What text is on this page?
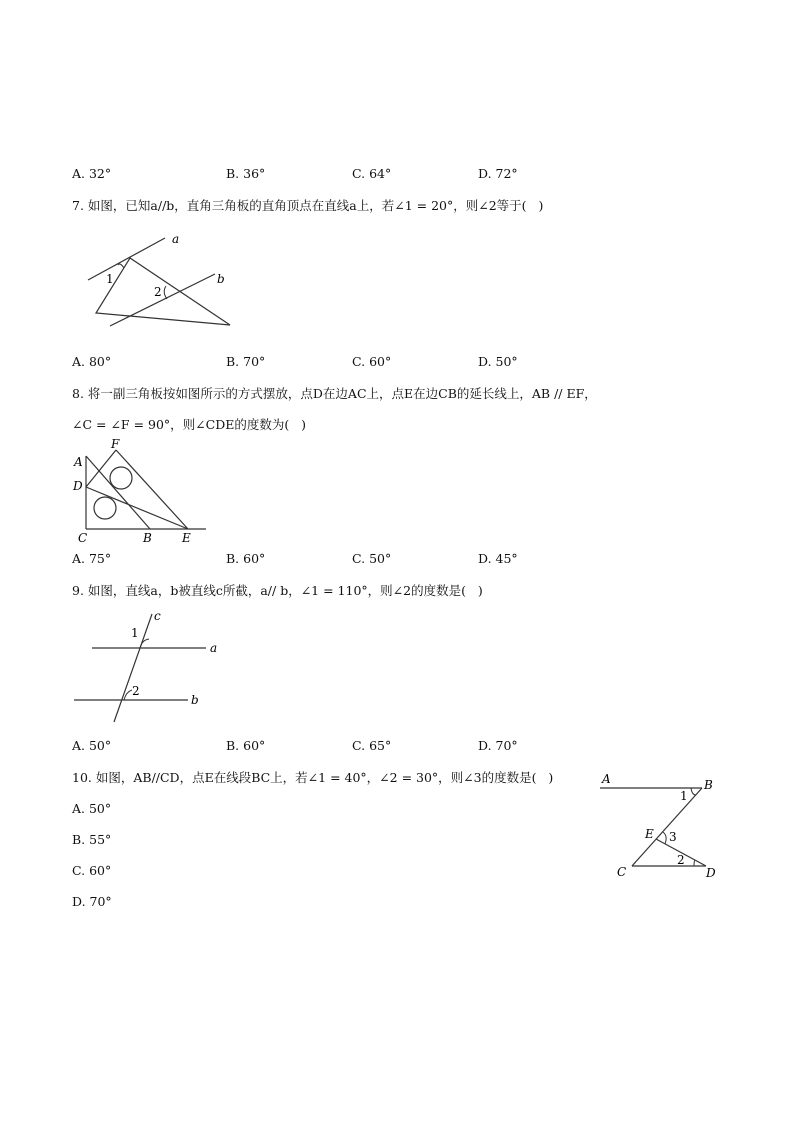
A. 32°	B. 36°	C. 64°	D. 72°
7. 如图，已知a//b，直角三角板的直角顶点在直线a上，若∠1 = 20°，则∠2等于(   )
a
b
1
2
A. 80°	B. 70°	C. 60°	D. 50°
8. 将一副三角板按如图所示的方式摆放，点D在边AC上，点E在边CB的延长线上，AB // EF，
∠C = ∠F = 90°，则∠CDE的度数为(   )
A
D
C
F
B	E
A. 75°	B. 60°	C. 50°	D. 45°
9. 如图，直线a，b被直线c所截，a// b，∠1 = 110°，则∠2的度数是(   )
c
a
b
1
2
A. 50°	B. 60°	C. 65°	D. 70°
10. 如图，AB//CD，点E在线段BC上，若∠1 = 40°，∠2 = 30°，则∠3的度数是(   )
A. 50°
B. 55°
C. 60°
D. 70°
A	B
E
C	D
1
2
3
